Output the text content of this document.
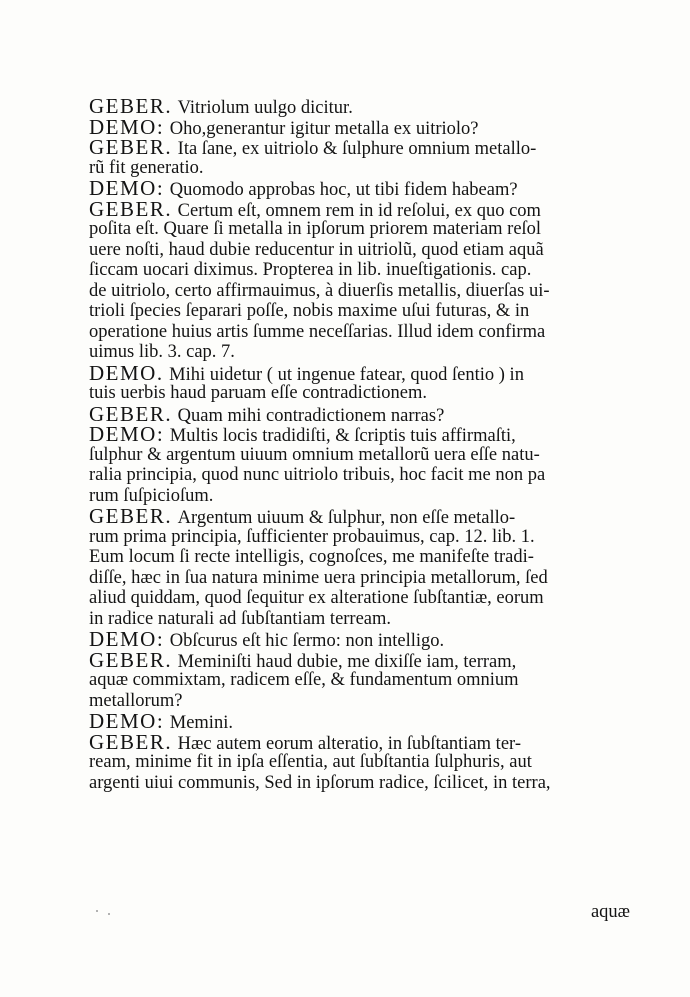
GEBER. Vitriolum uulgo dicitur.
DEMO: Oho,generantur igitur metalla ex uitriolo?
GEBER. Ita ſane, ex uitriolo & ſulphure omnium metallo-
rũ fit generatio.
DEMO: Quomodo approbas hoc, ut tibi fidem habeam?
GEBER. Certum eſt, omnem rem in id reſolui, ex quo com
poſita eſt. Quare ſi metalla in ipſorum priorem materiam reſol
uere noſti, haud dubie reducentur in uitriolũ, quod etiam aquã
ſiccam uocari diximus. Propterea in lib. inueſtigationis. cap.
de uitriolo, certo affirmauimus, à diuerſis metallis, diuerſas ui-
trioli ſpecies ſeparari poſſe, nobis maxime uſui futuras, & in
operatione huius artis ſumme neceſſarias. Illud idem confirma
uimus lib. 3. cap. 7.
DEMO. Mihi uidetur ( ut ingenue fatear, quod ſentio ) in
tuis uerbis haud paruam eſſe contradictionem.
GEBER. Quam mihi contradictionem narras?
DEMO: Multis locis tradidiſti, & ſcriptis tuis affirmaſti,
ſulphur & argentum uiuum omnium metallorũ uera eſſe natu-
ralia principia, quod nunc uitriolo tribuis, hoc facit me non pa
rum ſuſpicioſum.
GEBER. Argentum uiuum & ſulphur, non eſſe metallo-
rum prima principia, ſufficienter probauimus, cap. 12. lib. 1.
Eum locum ſi recte intelligis, cognoſces, me manifeſte tradi-
diſſe, hæc in ſua natura minime uera principia metallorum, ſed
aliud quiddam, quod ſequitur ex alteratione ſubſtantiæ, eorum
in radice naturali ad ſubſtantiam terream.
DEMO: Obſcurus eſt hic ſermo: non intelligo.
GEBER. Meminiſti haud dubie, me dixiſſe iam, terram,
aquæ commixtam, radicem eſſe, & fundamentum omnium
metallorum?
DEMO: Memini.
GEBER. Hæc autem eorum alteratio, in ſubſtantiam ter-
ream, minime fit in ipſa eſſentia, aut ſubſtantia ſulphuris, aut
argenti uiui communis, Sed in ipſorum radice, ſcilicet, in terra,
aquæ
